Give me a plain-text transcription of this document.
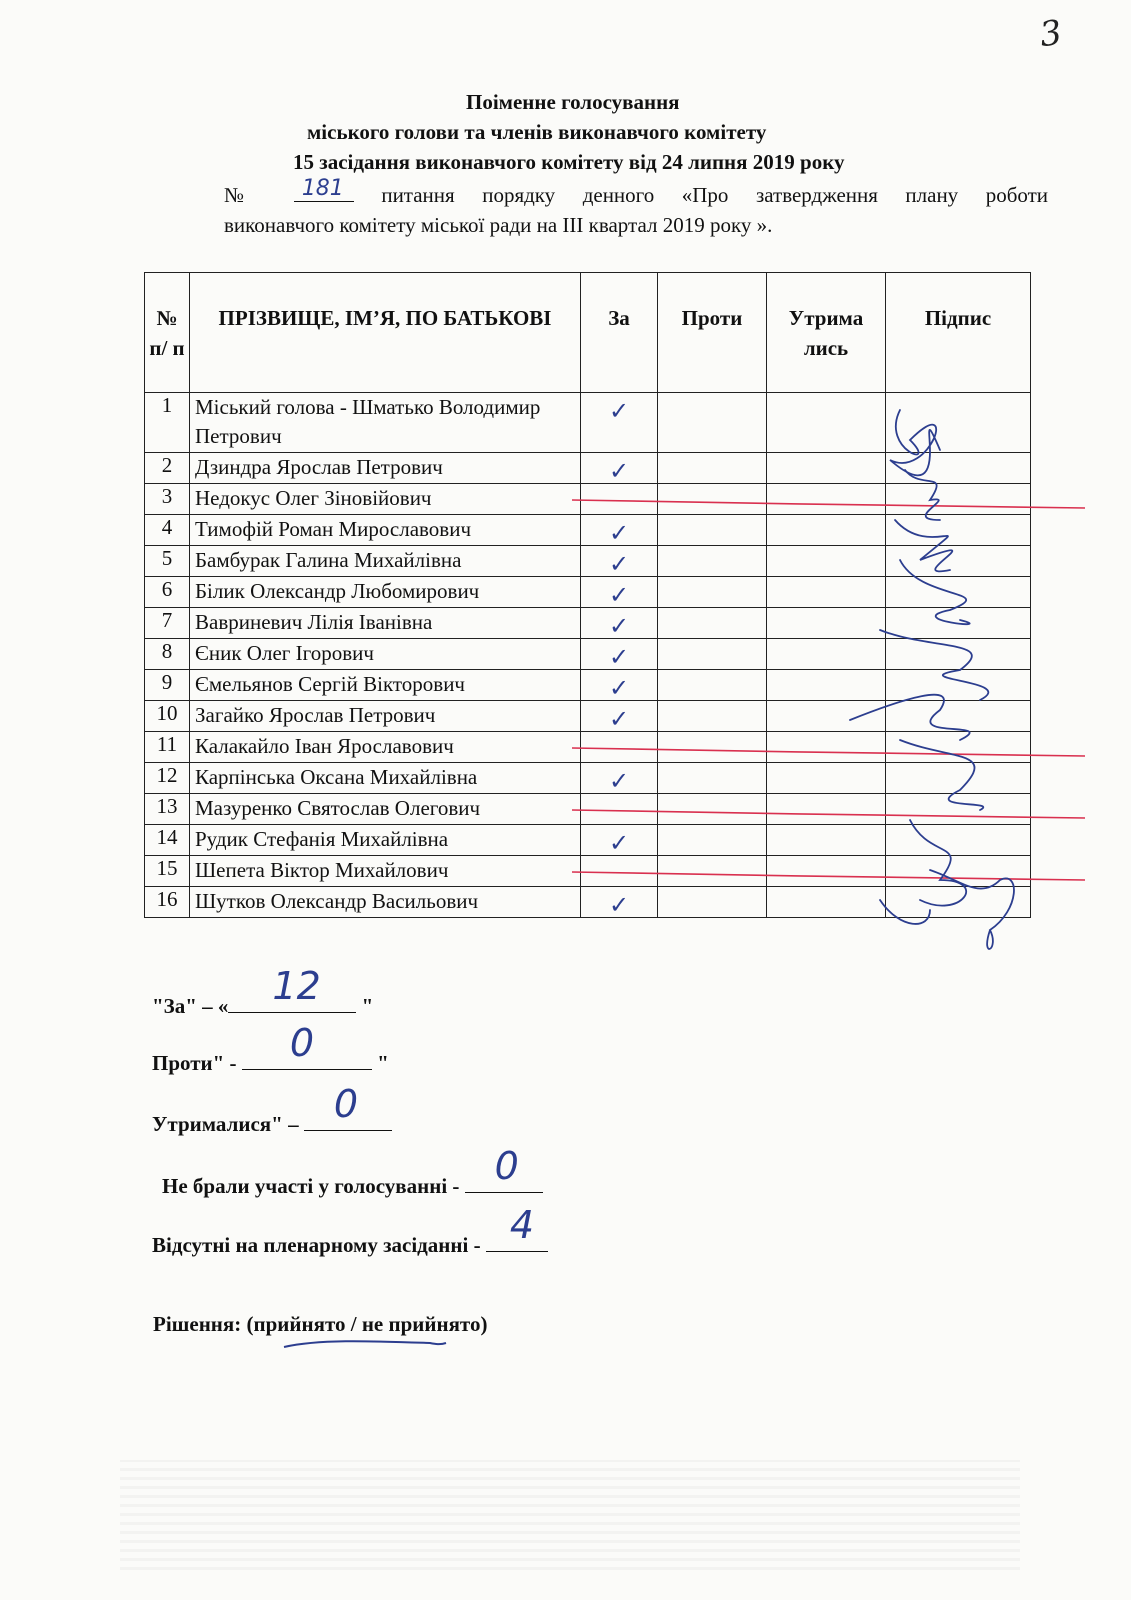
3
Поіменне голосування
міського голови та членів виконавчого комітету
15 засідання виконавчого комітету від 24 липня 2019 року
№ 181 питання порядку денного «Про затвердження плану роботи
виконавчого комітету міської ради на ІІІ квартал 2019 року ».
№ п/ п	ПРІЗВИЩЕ, ІМ’Я, ПО БАТЬКОВІ	За	Проти	Утрима лись	Підпис
1	Міський голова - Шматько Володимир Петрович	✓			
2	Дзиндра Ярослав Петрович	✓			
3	Недокус Олег Зіновійович				
4	Тимофій Роман Мирославович	✓			
5	Бамбурак Галина Михайлівна	✓			
6	Білик Олександр Любомирович	✓			
7	Вавриневич Лілія Іванівна	✓			
8	Єник Олег Ігорович	✓			
9	Ємельянов Сергій Вікторович	✓			
10	Загайко Ярослав Петрович	✓			
11	Калакайло Іван Ярославович				
12	Карпінська Оксана Михайлівна	✓			
13	Мазуренко Святослав Олегович				
14	Рудик Стефанія Михайлівна	✓			
15	Шепета Віктор Михайлович				
16	Шутков Олександр Васильович	✓			
"За" – « 12 "
Проти" - 0	"
Утрималися" – 0
Не брали участі у голосуванні - 0
Відсутні на пленарному засіданні - 4
Рішення: (прийнято / не прийнято)
